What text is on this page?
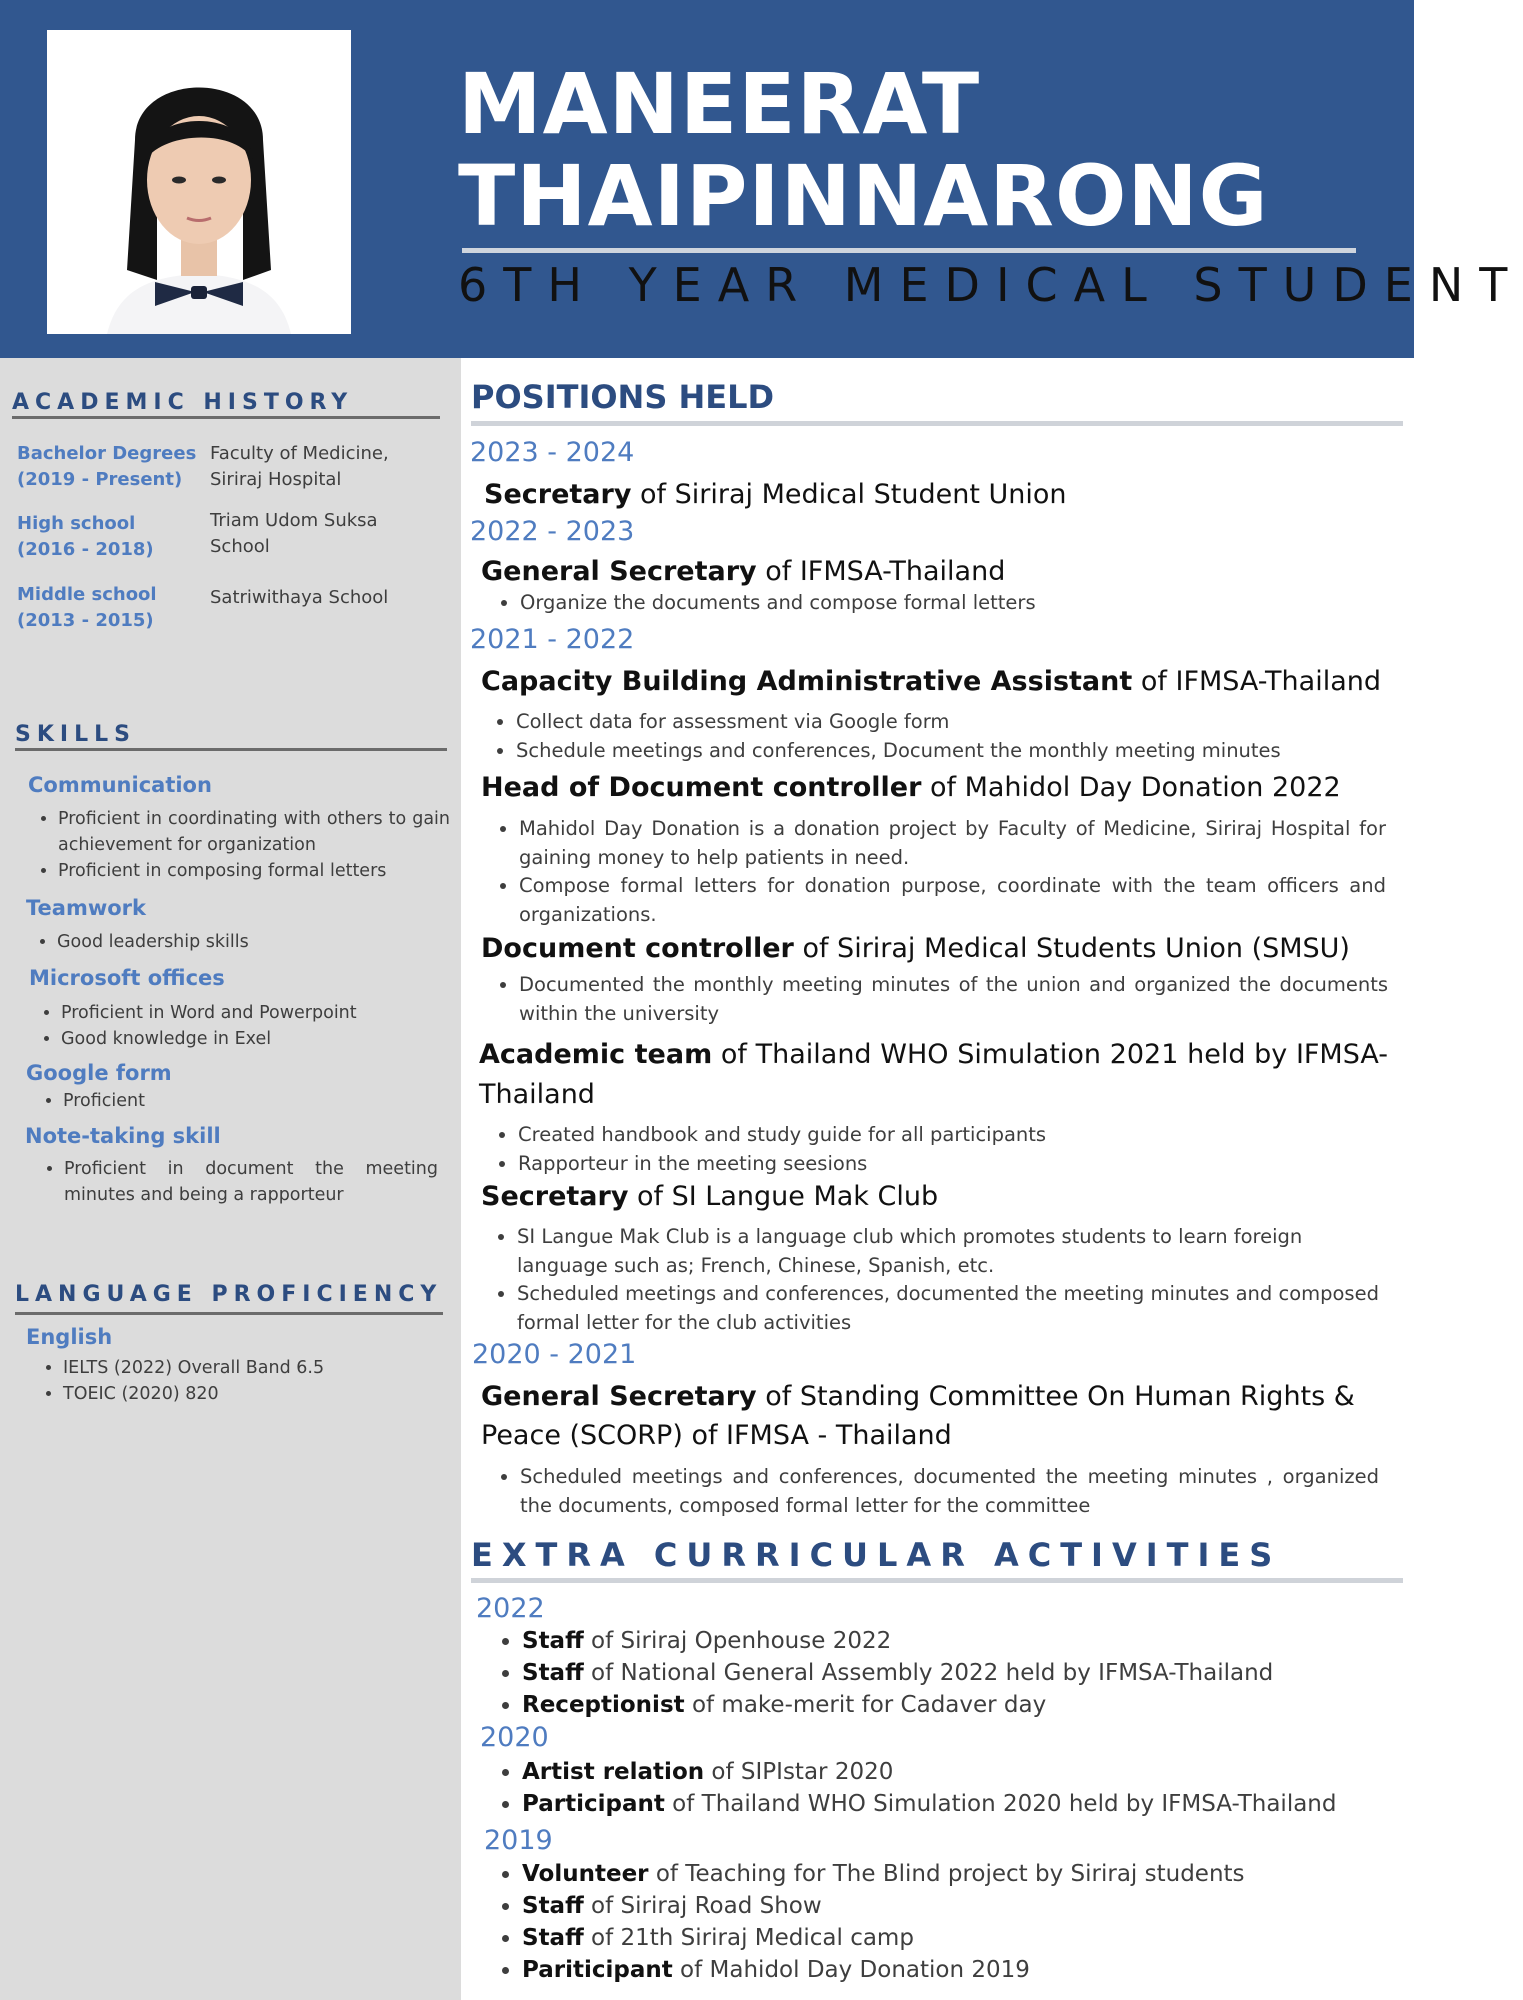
MANEERAT
THAIPINNARONG
6TH YEAR MEDICAL STUDENT
ACADEMIC HISTORY
Bachelor Degrees
(2019 - Present)
Faculty of Medicine,
Siriraj Hospital
High school
(2016 - 2018)
Triam Udom Suksa
School
Middle school
(2013 - 2015)
Satriwithaya School
SKILLS
Communication
• Proficient in coordinating with others to gain achievement for organization
• Proficient in composing formal letters
Teamwork
• Good leadership skills
Microsoft offices
• Proficient in Word and Powerpoint
• Good knowledge in Exel
Google form
• Proficient
Note-taking skill
• Proficient in document the meeting minutes and being a rapporteur
LANGUAGE PROFICIENCY
English
• IELTS (2022) Overall Band 6.5
• TOEIC (2020) 820
POSITIONS HELD
2023 - 2024
Secretary of Siriraj Medical Student Union
2022 - 2023
General Secretary of IFMSA-Thailand
• Organize the documents and compose formal letters
2021 - 2022
Capacity Building Administrative Assistant of IFMSA-Thailand
• Collect data for assessment via Google form
• Schedule meetings and conferences, Document the monthly meeting minutes
Head of Document controller of Mahidol Day Donation 2022
• Mahidol Day Donation is a donation project by Faculty of Medicine, Siriraj Hospital for gaining money to help patients in need.
• Compose formal letters for donation purpose, coordinate with the team officers and organizations.
Document controller of Siriraj Medical Students Union (SMSU)
• Documented the monthly meeting minutes of the union and organized the documents within the university
Academic team of Thailand WHO Simulation 2021 held by IFMSA-Thailand
• Created handbook and study guide for all participants
• Rapporteur in the meeting seesions
Secretary of SI Langue Mak Club
• SI Langue Mak Club is a language club which promotes students to learn foreign language such as; French, Chinese, Spanish, etc.
• Scheduled meetings and conferences, documented the meeting minutes and composed formal letter for the club activities
2020 - 2021
General Secretary of Standing Committee On Human Rights & Peace (SCORP) of IFMSA - Thailand
• Scheduled meetings and conferences, documented the meeting minutes , organized the documents, composed formal letter for the committee
EXTRA CURRICULAR ACTIVITIES
2022
• Staff of Siriraj Openhouse 2022
• Staff of National General Assembly 2022 held by IFMSA-Thailand
• Receptionist of make-merit for Cadaver day
2020
• Artist relation of SIPIstar 2020
• Participant of Thailand WHO Simulation 2020 held by IFMSA-Thailand
2019
• Volunteer of Teaching for The Blind project by Siriraj students
• Staff of Siriraj Road Show
• Staff of 21th Siriraj Medical camp
• Pariticipant of Mahidol Day Donation 2019
